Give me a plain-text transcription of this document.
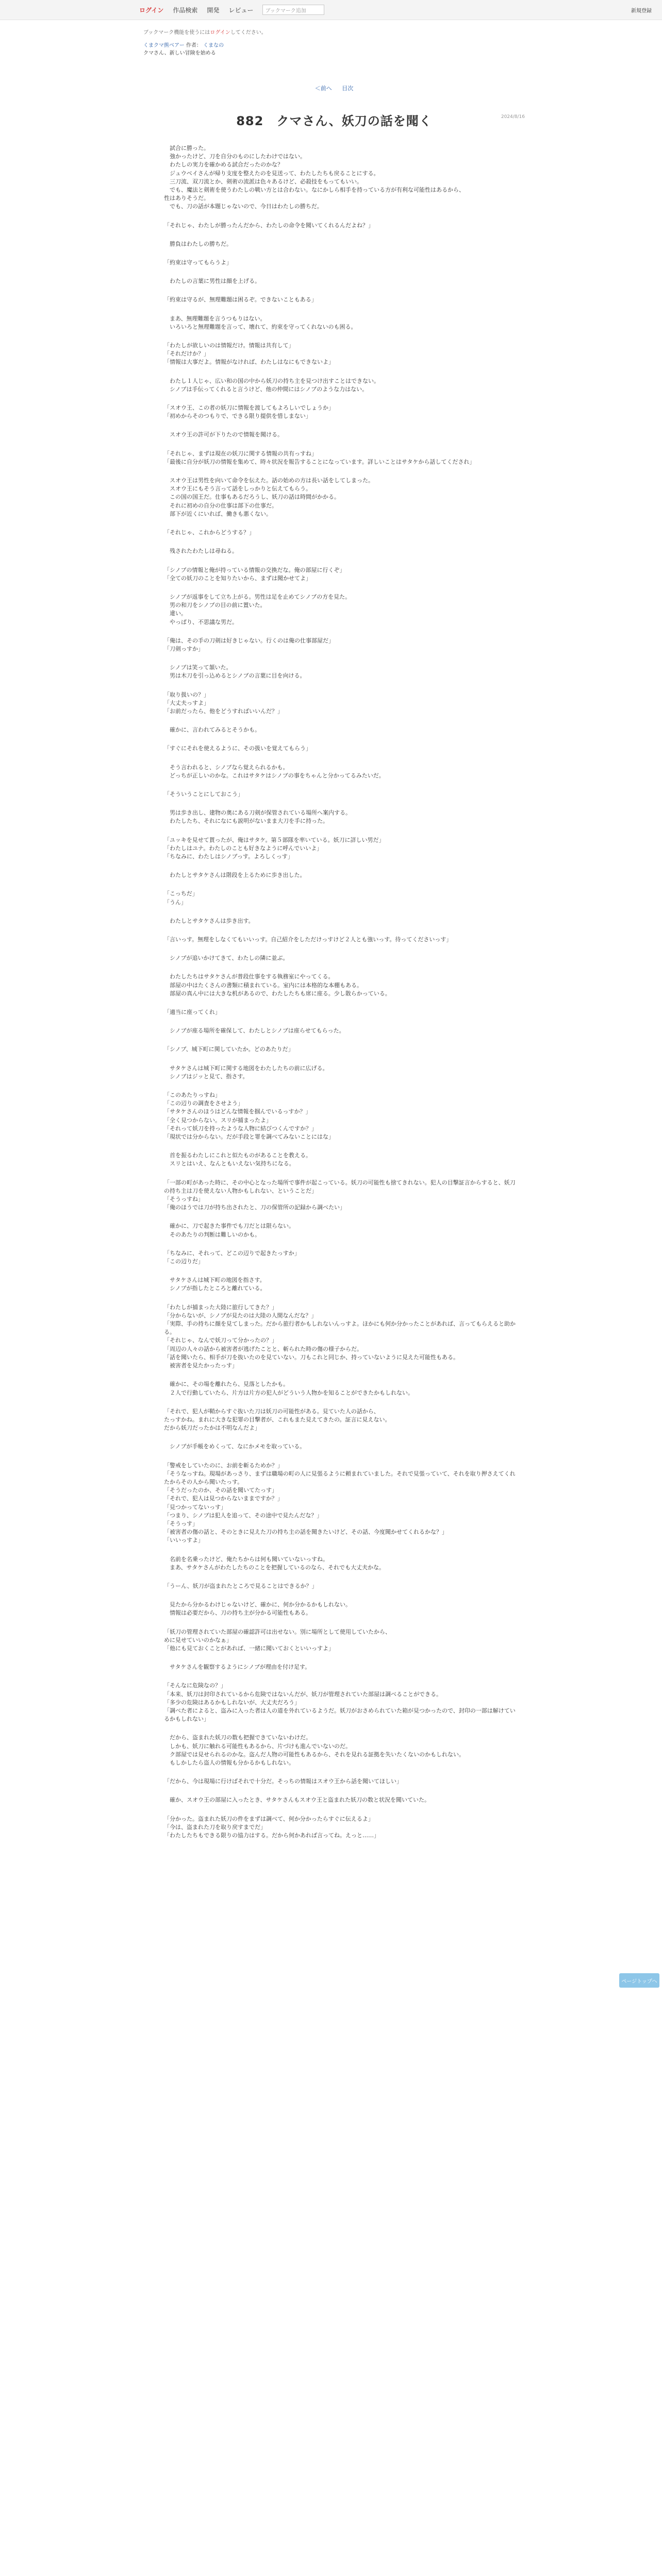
ログイン 作品検索 開発 レビュー	ブックマーク追加	新規登録
ブックマーク機能を使うにはログインしてください。
くまクマ熊ベアー 作者： くまなの
クマさん、新しい冒険を始める
＜前へ 目次
2024/8/16
882　 クマさん、妖刀の話を聞く

　試合に勝った。
　強かったけど、刀を自分のものにしたわけではない。
　わたしの実力を確かめる試合だったのかな？
　ジュウベイさんが帰り支度を整えたのを見送って、わたしたちも戻ることにする。
　三刀流、双刀流とか、剣術の流派は色々あるけど、必殺技をもってもいい。
　でも、魔法と剣術を使うわたしの戦い方とは合わない。なにかしら相手を持っている方が有利な可能性はあるから、
性はありそうだ。
　でも、刀の話が本題じゃないので、今日はわたしの勝ちだ。

「それじゃ、わたしが勝ったんだから、わたしの命令を聞いてくれるんだよね？」

　勝負はわたしの勝ちだ。

「約束は守ってもらうよ」

　わたしの言葉に男性は顔を上げる。

「約束は守るが、無理難題は困るぞ。できないこともある」

　まあ、無理難題を言うつもりはない。
　いろいろと無理難題を言って、壊れて、約束を守ってくれないのも困る。

「わたしが欲しいのは情報だけ。情報は共有して」
「それだけか？」
「情報は大事だよ。情報がなければ、わたしはなにもできないよ」

　わたし１人じゃ、広い和の国の中から妖刀の持ち主を見つけ出すことはできない。
　シノブは手伝ってくれると言うけど、他の仲間にはシノブのような力はない。

「スオウ王、この者の妖刀に情報を渡してもよろしいでしょうか」
「初めからそのつもりで、できる限り提供を惜しまない」

　スオウ王の許可が下りたので情報を聞ける。

「それじゃ、まずは現在の妖刀に関する情報の共有っすね」
「最後に自分が妖刀の情報を集めて、時々状況を報告することになっています。詳しいことはサタケから話してくだされ」

　スオウ王は男性を向いて命令を伝えた。話の始めの方は長い話をしてしまった。
　スオウ王にもそう言って話をしっかりと伝えてもらう。
　この国の国王だ。仕事もあるだろうし、妖刀の話は時間がかかる。
　それに初めの自分の仕事は部下の仕事だ。
　部下が近くにいれば、働きも悪くない。

「それじゃ、これからどうする？」

　残されたわたしは尋ねる。

「シノブの情報と俺が持っている情報の交換だな。俺の部屋に行くぞ」
「全ての妖刀のことを知りたいから、まずは聞かせてよ」

　シノブが返事をして立ち上がる。男性は足を止めてシノブの方を見た。
　男の和刀をシノブの目の前に置いた。
　違い。
　やっぱり、不思議な男だ。

「俺は、その手の刀剣は好きじゃない。行くのは俺の仕事部屋だ」
「刀剣っすか」

　シノブは笑って頷いた。
　男は木刀を引っ込めるとシノブの言葉に目を向ける。

「取り扱いの？」
「大丈夫っすよ」
「お前だったら、他をどうすればいいんだ？」

　確かに、言われてみるとそうかも。

「すぐにそれを使えるように、その扱いを覚えてもらう」

　そう言われると、シノブなら覚えられるかも。
　どっちが正しいのかな。これはサタケはシノブの事をちゃんと分かってるみたいだ。

「そういうことにしておこう」

　男は歩き出し、建物の奥にある刀剣が保管されている場所へ案内する。
　わたしたち、それになにも説明がないまま大刀を手に持った。

「ユッキを見せて貰ったが、俺はサタケ。第５部隊を率いている。妖刀に詳しい男だ」
「わたしはユナ。わたしのことも好きなように呼んでいいよ」
「ちなみに、わたしはシノブっす。よろしくっす」

　わたしとサタケさんは階段を上るために歩き出した。

「こっちだ」
「うん」

　わたしとサタケさんは歩き出す。

「言いっす。無理をしなくてもいいっす。自己紹介をしただけっすけど２人とも強いっす。待ってくださいっす」

　シノブが追いかけてきて、わたしの隣に並ぶ。

　わたしたちはサタケさんが普段仕事をする執務室にやってくる。
　部屋の中はたくさんの書類に積まれている。室内には本格的な本棚もある。
　部屋の真ん中には大きな机があるので、わたしたちも席に座る。少し散らかっている。

「適当に座ってくれ」

　シノブが座る場所を確保して、わたしとシノブは座らせてもらった。

「シノブ、城下町に関していたか。どのあたりだ」

　サタケさんは城下町に関する地図をわたしたちの前に広げる。
　シノブはジッと見て、指さす。

「このあたりっすね」
「この辺りの調査をさせよう」
「サタケさんのほうはどんな情報を掴んでいるっすか？」
「全く見つからない。スリが捕まったよ」
「それって妖刀を持ったような人物に結びつくんですか？」
「現状では分からない。だが手段と罪を調べてみないことにはな」

　首を振るわたしにこれと似たものがあることを教える。
　スリとはいえ、なんともいえない気持ちになる。

「一部の町があった時に、その中心となった場所で事件が起こっている。妖刀の可能性も捨てきれない。犯人の目撃証言からすると、妖刀の持ち主は刀を使えない人物かもしれない、ということだ」
「そうっすね」
「俺のほうでは刀が持ち出されたと、刀の保管所の記録から調べたい」

　確かに、刀で起きた事件でも刀だとは限らない。
　そのあたりの判断は難しいのかも。

「ちなみに、それって、どこの辺りで起きたっすか」
「この辺りだ」

　サタケさんは城下町の地図を指さす。
　シノブが指したところと離れている。

「わたしが捕まった大陸に旅行してきた？」
「分からないが、シノブが見たのは大陸の人間なんだな？」
「実際、手の持ちに顔を見てしまった。だから旅行者かもしれないんっすよ。ほかにも何か分かったことがあれば、言ってもらえると助かる。
「それじゃ、なんで妖刀って分かったの？」
「周辺の人々の話から被害者が逃げたことと、斬られた時の傷の様子からだ。
「話を聞いたら、相手が刀を抜いたのを見ていない。刀もこれと同じか、持っていないように見えた可能性もある。
　被害者を見たかったっす」

　確かに、その場を離れたら、見落としたかも。
　２人で行動していたら、片方は片方の犯人がどういう人物かを知ることができたかもしれない。

「それで、犯人が鞘からすぐ抜いた刀は妖刀の可能性がある。見ていた人の話から、
たっすかね。まれに大きな犯罪の目撃者が、これもまた見えてきたの。証言に見えない。
だから妖刀だったかは不明なんだよ」

　シノブが手帳をめくって、なにかメモを取っている。

「警戒をしていたのに、お前を斬るためか？」
「そうなっすね。現場があっさり、まずは職場の町の人に見張るように頼まれていました。それで見張っていて、それを取り押さえてくれたからその人から聞いたっす。
「そうだったのか、その話を聞いてたっす」
「それで、犯人は見つからないままですか？」
「見つかってないっす」
「つまり、シノブは犯人を追って、その途中で見たんだな？」
「そうっす」
「被害者の傷の話と、そのときに見えた刀の持ち主の話を聞きたいけど、その話、今度聞かせてくれるかな？」
「いいっすよ」

　名前を名乗ったけど、俺たちからは何も聞いていないっすね。
　まあ、サタケさんがわたしたちのことを把握しているのなら、それでも大丈夫かな。

「うーん、妖刀が盗まれたところで見ることはできるか？」

　見たから分かるわけじゃないけど、確かに、何か分かるかもしれない。
　情報は必要だから、刀の持ち主が分かる可能性もある。

「妖刀の管理されていた部屋の確認許可は出せない。別に場所として使用していたから、
めに見せていいのかなぁ」
「他にも見ておくことがあれば、一緒に聞いておくといいっすよ」

　サタケさんを観察するようにシノブが理由を付け足す。

「そんなに危険なの？」
「本来、妖刀は封印されているから危険ではないんだが、妖刀が管理されていた部屋は調べることができる。
「多少の危険はあるかもしれないが、大丈夫だろう」
「調べた者によると、盗みに入った者は人の道を外れているようだ。妖刀がおさめられていた箱が見つかったので、封印の一部は解けているかもしれない」

　だから、盗まれた妖刀の数も把握できていないわけだ。
　しかも、妖刀に触れる可能性もあるから、片づけも進んでいないのだ。
　ク部屋では見せられるのかな。盗んだ人物の可能性もあるから、それを見れる証拠を失いたくないのかもしれない。
　もしかしたら盗人の情報も分かるかもしれない。

「だから、今は現場に行けばそれで十分だ。そっちの情報はスオウ王から話を聞いてほしい」

　確か、スオウ王の部屋に入ったとき、サタケさんもスオウ王と盗まれた妖刀の数と状況を聞いていた。

「分かった。盗まれた妖刀の件をまずは調べて、何か分かったらすぐに伝えるよ」
「今は、盗まれた刀を取り戻すまでだ」
「わたしたちもできる限りの協力はする。だから何かあれば言ってね。えっと……」

ページトップへ
